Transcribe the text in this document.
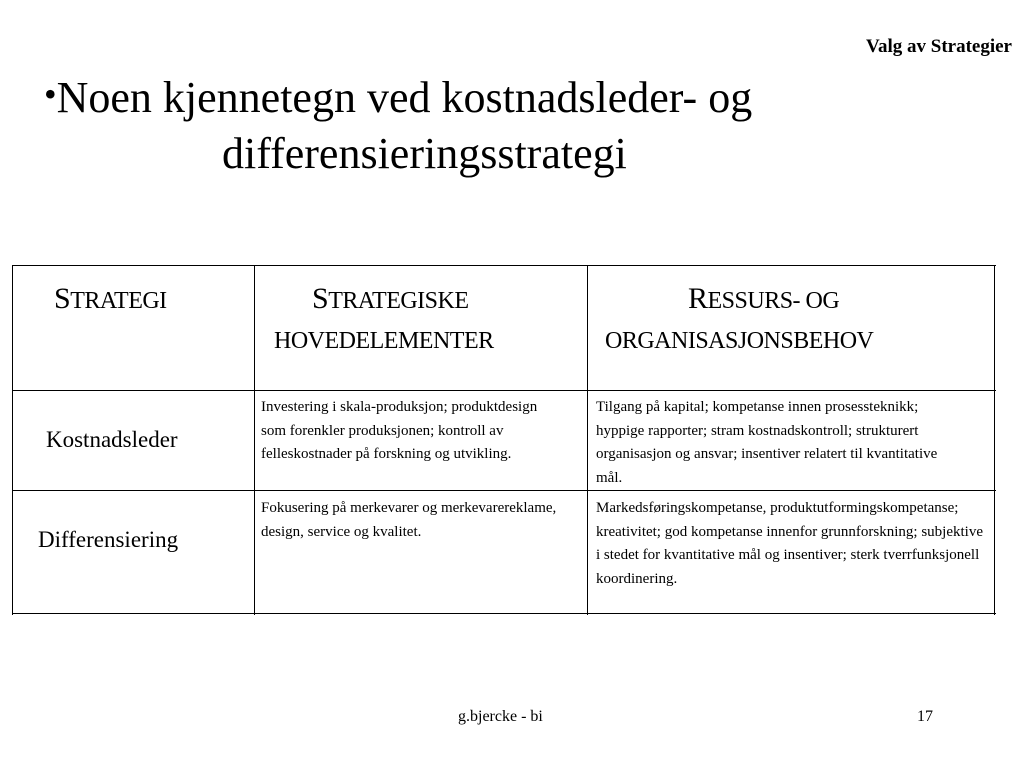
Valg av Strategier
•Noen kjennetegn ved kostnadsleder- og
differensieringsstrategi
STRATEGI	STRATEGISKE
HOVEDELEMENTER
RESSURS- OG
ORGANISASJONSBEHOV
Kostnadsleder
Investering i skala-produksjon; produktdesign som forenkler produksjonen; kontroll av felleskostnader på forskning og utvikling.
Tilgang på kapital; kompetanse innen prosessteknikk; hyppige rapporter; stram kostnadskontroll; strukturert organisasjon og ansvar; insentiver relatert til kvantitative mål.
Differensiering
Fokusering på merkevarer og merkevarereklame, design, service og kvalitet.
Markedsføringskompetanse, produktutformingskompetanse; kreativitet; god kompetanse innenfor grunnforskning; subjektive i stedet for kvantitative mål og insentiver; sterk tverrfunksjonell koordinering.
g.bjercke - bi	17
